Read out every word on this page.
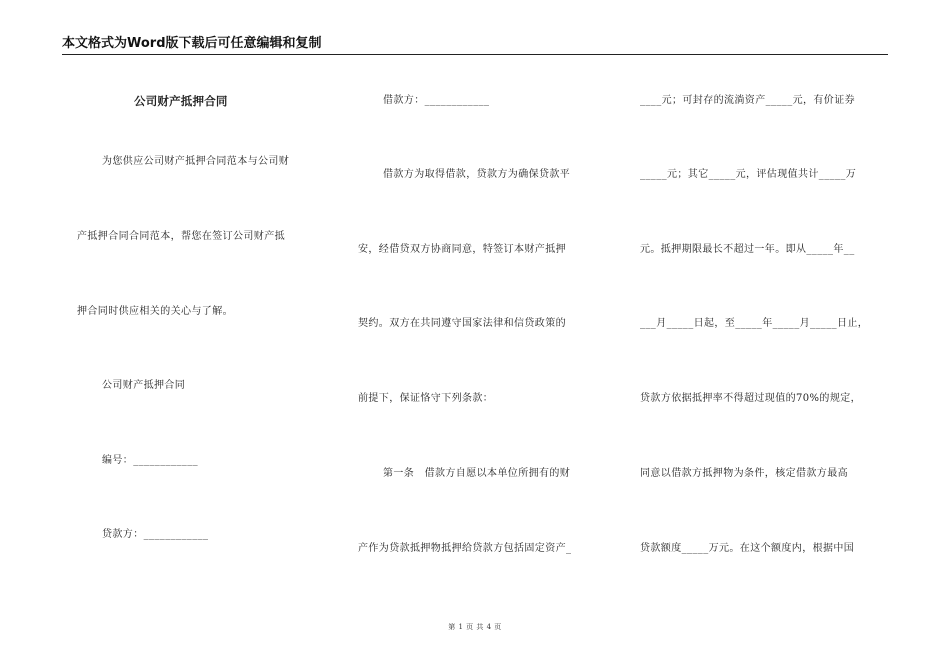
本文格式为Word版下载后可任意编辑和复制
公司财产抵押合同
为您供应公司财产抵押合同范本与公司财
产抵押合同合同范本，帮您在签订公司财产抵
押合同时供应相关的关心与了解。
公司财产抵押合同
编号：____________
贷款方：____________
借款方：____________
借款方为取得借款，贷款方为确保贷款平
安，经借贷双方协商同意，特签订本财产抵押
契约。双方在共同遵守国家法律和信贷政策的
前提下，保证恪守下列条款：
第一条　借款方自愿以本单位所拥有的财
产作为贷款抵押物抵押给贷款方包括固定资产_
____元；可封存的流淌资产_____元，有价证券
_____元；其它_____元，评估现值共计_____万
元。抵押期限最长不超过一年。即从_____年__
___月_____日起，至_____年_____月_____日止，
贷款方依据抵押率不得超过现值的70%的规定，
同意以借款方抵押物为条件，核定借款方最高
贷款额度_____万元。在这个额度内，根据中国
第 1 页 共 4 页
